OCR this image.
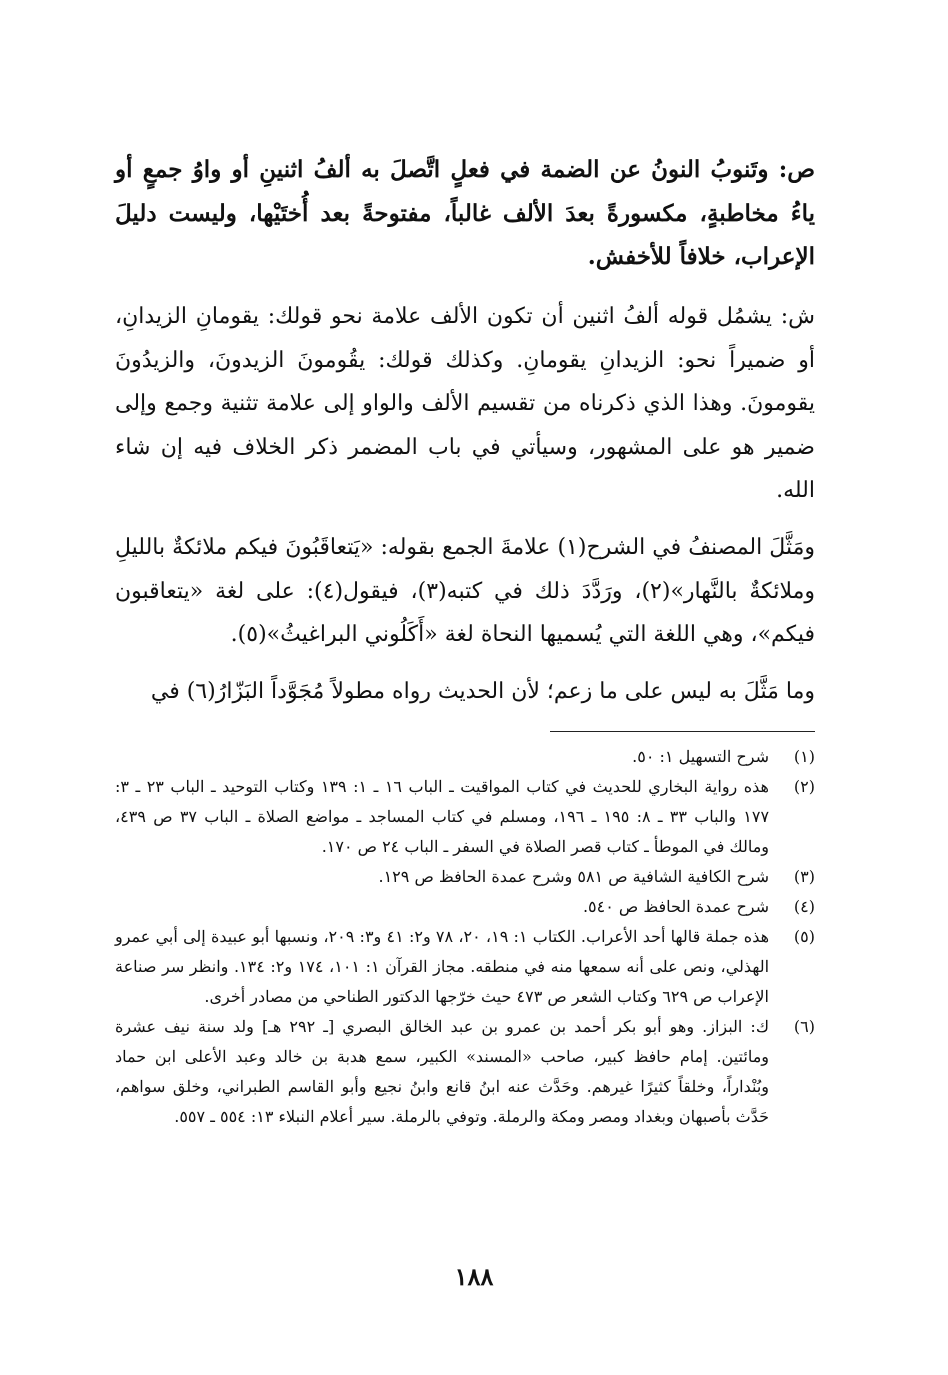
ص: وتَنوبُ النونُ عن الضمة في فعلٍ اتَّصلَ به ألفُ اثنينِ أو واوُ جمعٍ أو ياءُ مخاطبةٍ، مكسورةً بعدَ الألف غالباً، مفتوحةً بعد أُختَيْها، وليست دليلَ الإعراب، خلافاً للأخفش.

ش: يشمُل قوله ألفُ اثنين أن تكون الألف علامة نحو قولك: يقومانِ الزيدانِ، أو ضميراً نحو: الزيدانِ يقومانِ. وكذلك قولك: يقُومونَ الزيدونَ، والزيدُونَ يقومونَ. وهذا الذي ذكرناه من تقسيم الألف والواو إلى علامة تثنية وجمع وإلى ضمير هو على المشهور، وسيأتي في باب المضمر ذكر الخلاف فيه إن شاء الله.

ومَثَّلَ المصنفُ في الشرح(١) علامةَ الجمع بقوله: «يَتعاقَبُونَ فيكم ملائكةٌ بالليلِ وملائكةٌ بالنَّهار»(٢)، ورَدَّدَ ذلك في كتبه(٣)، فيقول(٤): على لغة «يتعاقبون فيكم»، وهي اللغة التي يُسميها النحاة لغة «أَكَلُوني البراغيثُ»(٥).

وما مَثَّلَ به ليس على ما زعم؛ لأن الحديث رواه مطولاً مُجَوَّداً البَزّارُ(٦) في

(١)
شرح التسهيل ١: ٥٠.
(٢)
هذه رواية البخاري للحديث في كتاب المواقيت ـ الباب ١٦ ـ ١: ١٣٩ وكتاب التوحيد ـ الباب ٢٣ ـ ٣: ١٧٧ والباب ٣٣ ـ ٨: ١٩٥ ـ ١٩٦، ومسلم في كتاب المساجد ـ مواضع الصلاة ـ الباب ٣٧ ص ٤٣٩، ومالك في الموطأ ـ كتاب قصر الصلاة في السفر ـ الباب ٢٤ ص ١٧٠.
(٣)
شرح الكافية الشافية ص ٥٨١ وشرح عمدة الحافظ ص ١٢٩.
(٤)
شرح عمدة الحافظ ص ٥٤٠.
(٥)
هذه جملة قالها أحد الأعراب. الكتاب ١: ١٩، ٢٠، ٧٨ و٢: ٤١ و٣: ٢٠٩، ونسبها أبو عبيدة إلى أبي عمرو الهذلي، ونص على أنه سمعها منه في منطقه. مجاز القرآن ١: ١٠١، ١٧٤ و٢: ١٣٤. وانظر سر صناعة الإعراب ص ٦٢٩ وكتاب الشعر ص ٤٧٣ حيث خرّجها الدكتور الطناحي من مصادر أخرى.
(٦)
ك: البزاز. وهو أبو بكر أحمد بن عمرو بن عبد الخالق البصري [ـ ٢٩٢ هـ] ولد سنة نيف عشرة ومائتين. إمام حافظ كبير، صاحب «المسند» الكبير، سمع هدبة بن خالد وعبد الأعلى ابن حماد وبُنْداراً، وخلقاً كثيرًا غيرهم. وحَدَّث عنه ابنُ قانع وابنُ نجيع وأبو القاسم الطبراني، وخلق سواهم، حَدَّث بأصبهان وبغداد ومصر ومكة والرملة. وتوفي بالرملة. سير أعلام النبلاء ١٣: ٥٥٤ ـ ٥٥٧.
١٨٨
